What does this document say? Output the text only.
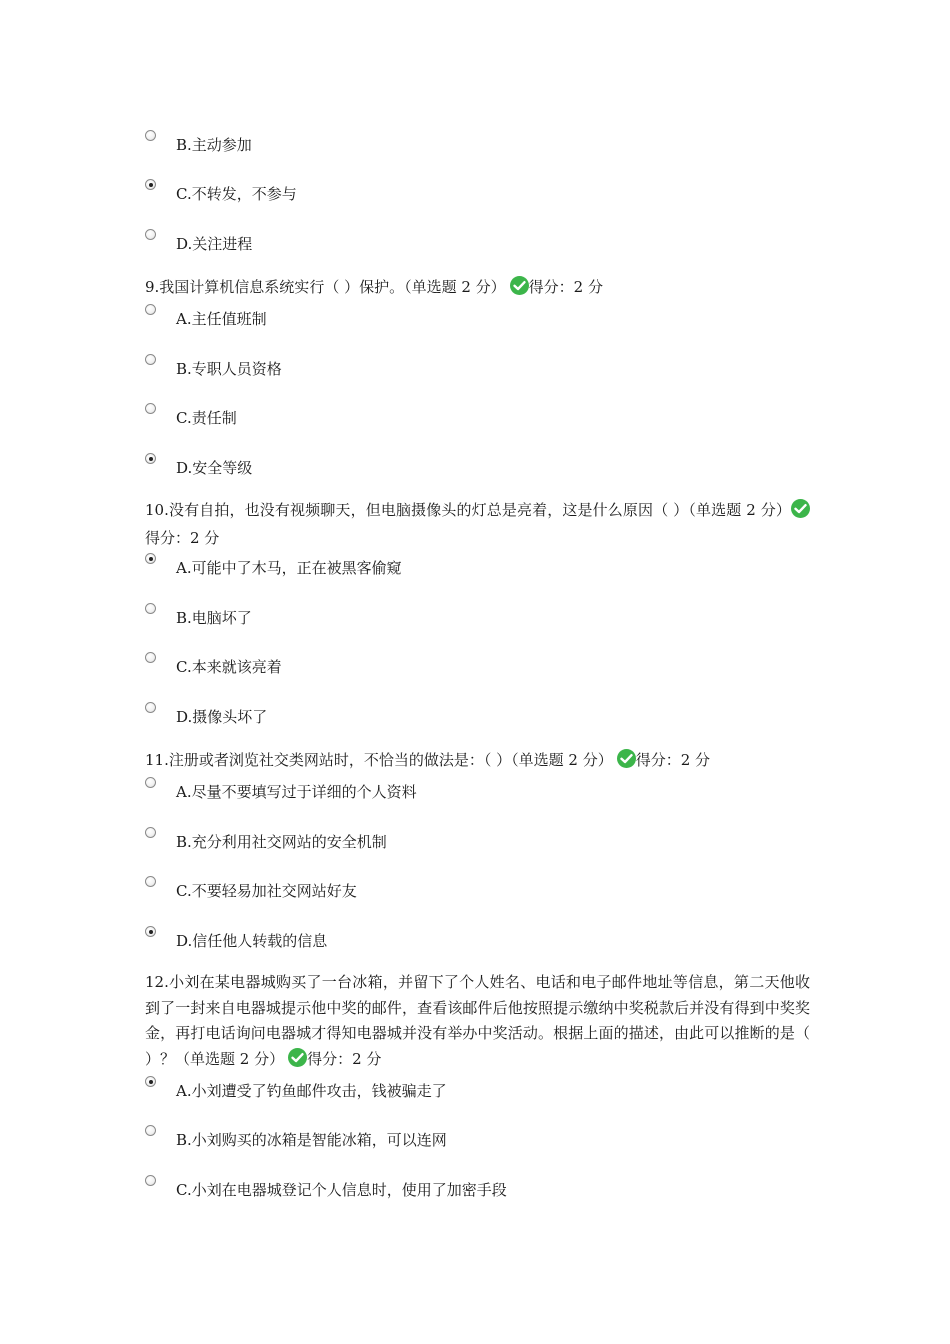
B.主动参加
C.不转发，不参与
D.关注进程
9.我国计算机信息系统实行（ ）保护。（单选题 2 分） 得分：2 分
A.主任值班制
B.专职人员资格
C.责任制
D.安全等级
10.没有自拍，也没有视频聊天，但电脑摄像头的灯总是亮着，这是什么原因（ ）（单选题 2 分）
得分：2 分
A.可能中了木马，正在被黑客偷窥
B.电脑坏了
C.本来就该亮着
D.摄像头坏了
11.注册或者浏览社交类网站时，不恰当的做法是：（ ）（单选题 2 分） 得分：2 分
A.尽量不要填写过于详细的个人资料
B.充分利用社交网站的安全机制
C.不要轻易加社交网站好友
D.信任他人转载的信息
12.小刘在某电器城购买了一台冰箱，并留下了个人姓名、电话和电子邮件地址等信息，第二天他收到了一封来自电器城提示他中奖的邮件，查看该邮件后他按照提示缴纳中奖税款后并没有得到中奖奖金，再打电话询问电器城才得知电器城并没有举办中奖活动。根据上面的描述，由此可以推断的是（ ）？（单选题 2 分） 得分：2 分
A.小刘遭受了钓鱼邮件攻击，钱被骗走了
B.小刘购买的冰箱是智能冰箱，可以连网
C.小刘在电器城登记个人信息时，使用了加密手段
